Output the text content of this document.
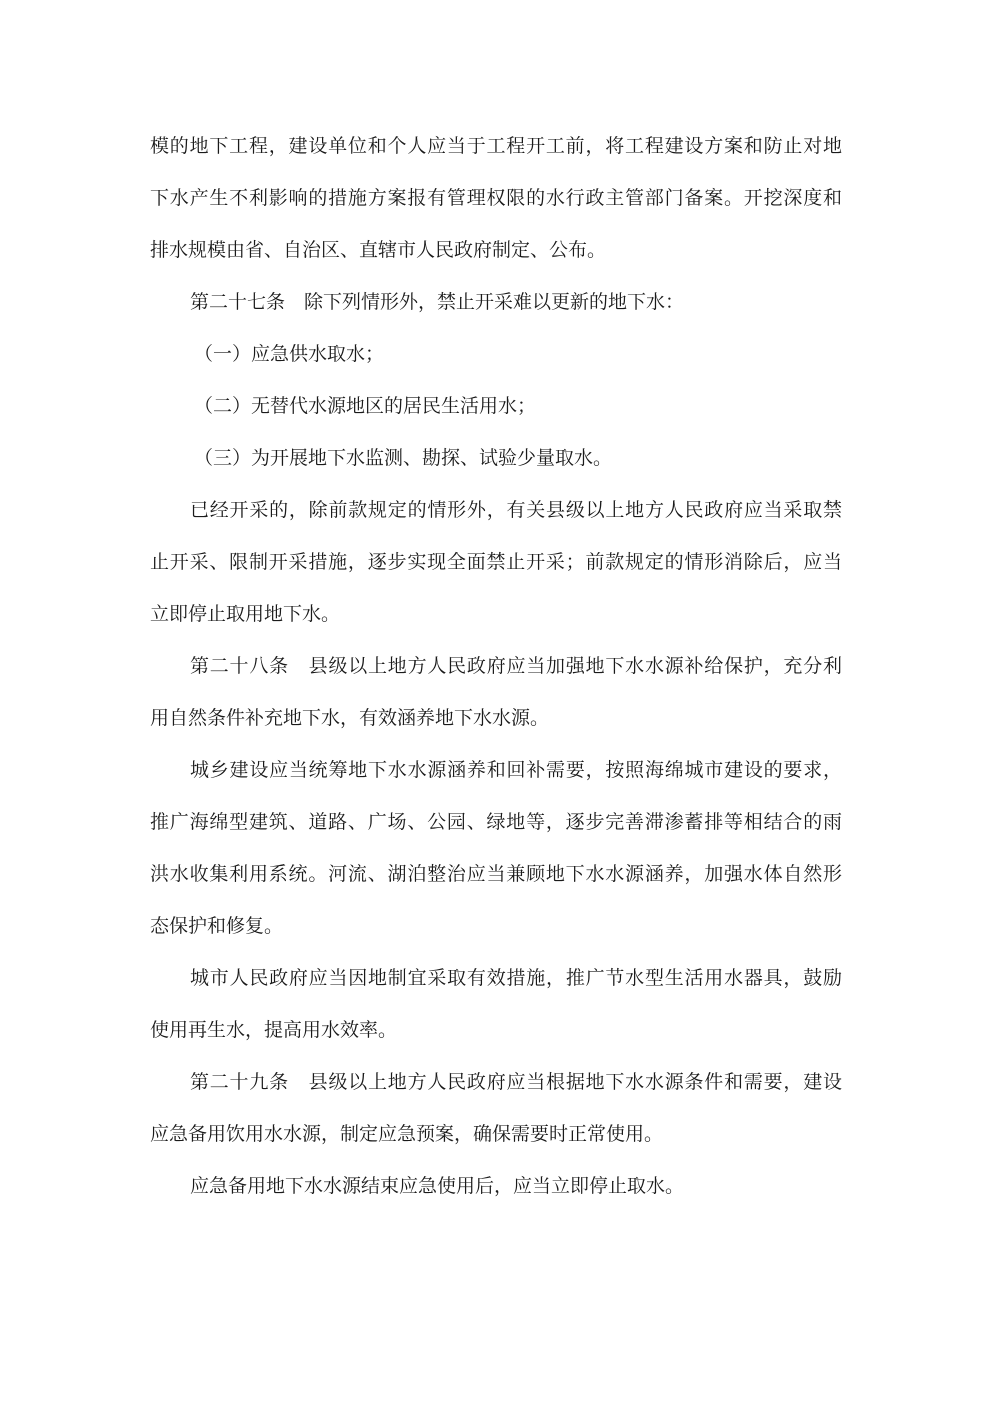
模的地下工程，建设单位和个人应当于工程开工前，将工程建设方案和防止对地
下水产生不利影响的措施方案报有管理权限的水行政主管部门备案。开挖深度和
排水规模由省、自治区、直辖市人民政府制定、公布。
第二十七条　除下列情形外，禁止开采难以更新的地下水：
（一）应急供水取水；
（二）无替代水源地区的居民生活用水；
（三）为开展地下水监测、勘探、试验少量取水。
已经开采的，除前款规定的情形外，有关县级以上地方人民政府应当采取禁
止开采、限制开采措施，逐步实现全面禁止开采；前款规定的情形消除后，应当
立即停止取用地下水。
第二十八条　县级以上地方人民政府应当加强地下水水源补给保护，充分利
用自然条件补充地下水，有效涵养地下水水源。
城乡建设应当统筹地下水水源涵养和回补需要，按照海绵城市建设的要求，
推广海绵型建筑、道路、广场、公园、绿地等，逐步完善滞渗蓄排等相结合的雨
洪水收集利用系统。河流、湖泊整治应当兼顾地下水水源涵养，加强水体自然形
态保护和修复。
城市人民政府应当因地制宜采取有效措施，推广节水型生活用水器具，鼓励
使用再生水，提高用水效率。
第二十九条　县级以上地方人民政府应当根据地下水水源条件和需要，建设
应急备用饮用水水源，制定应急预案，确保需要时正常使用。
应急备用地下水水源结束应急使用后，应当立即停止取水。
